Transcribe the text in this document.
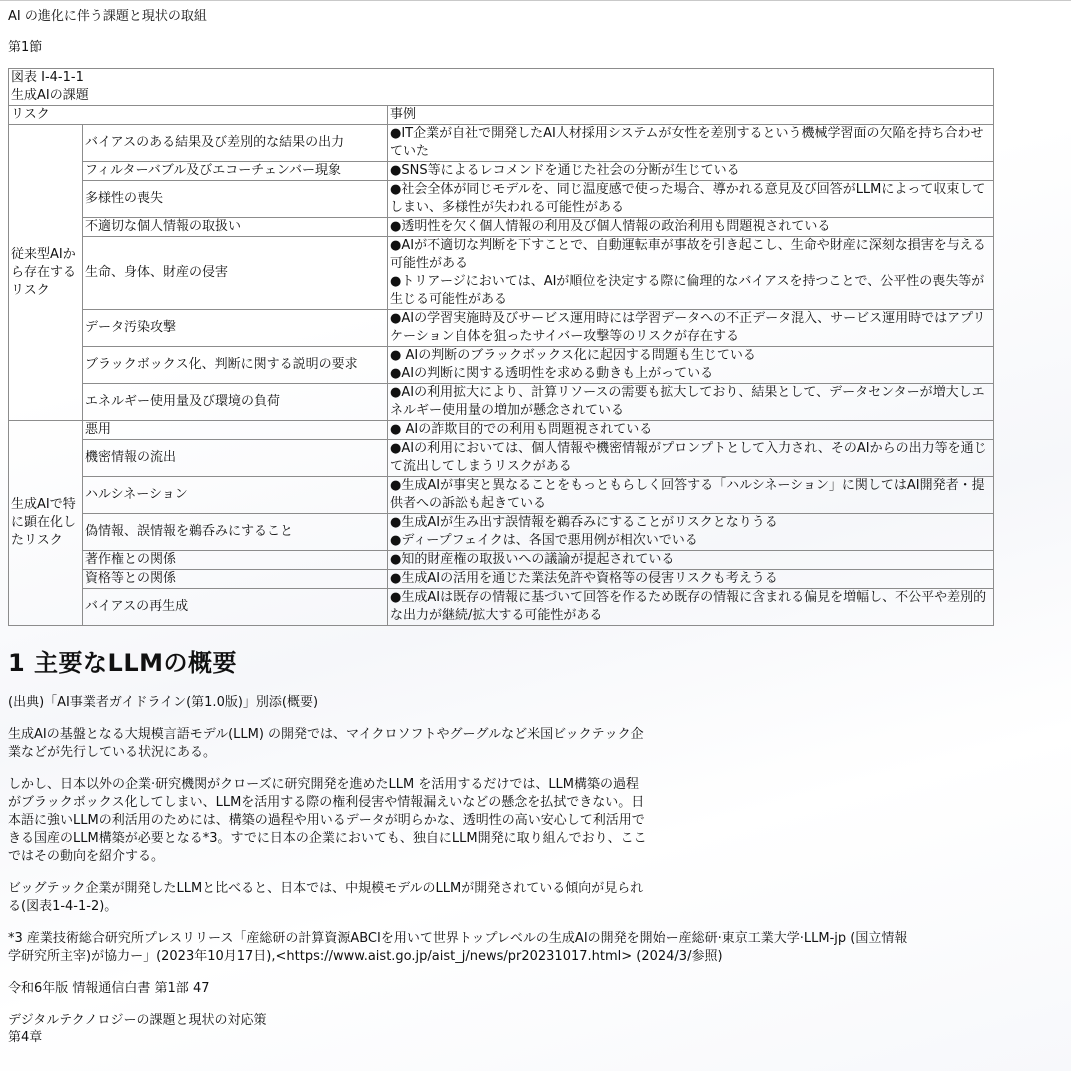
AI の進化に伴う課題と現状の取組

第1節

図表 I-4-1-1
生成AIの課題		

リスク		事例
従来型AIから存在するリスク	バイアスのある結果及び差別的な結果の出力	●IT企業が自社で開発したAI人材採用システムが女性を差別するという機械学習面の欠陥を持ち合わせていた

	フィルターバブル及びエコーチェンバー現象	●SNS等によるレコメンドを通じた社会の分断が生じている

	多様性の喪失	●社会全体が同じモデルを、同じ温度感で使った場合、導かれる意見及び回答がLLMによって収束してしまい、多様性が失われる可能性がある

	不適切な個人情報の取扱い	●透明性を欠く個人情報の利用及び個人情報の政治利用も問題視されている

	生命、身体、財産の侵害	●AIが不適切な判断を下すことで、自動運転車が事故を引き起こし、生命や財産に深刻な損害を与える可能性がある
●トリアージにおいては、AIが順位を決定する際に倫理的なバイアスを持つことで、公平性の喪失等が生じる可能性がある

	データ汚染攻撃	●AIの学習実施時及びサービス運用時には学習データへの不正データ混入、サービス運用時ではアプリケーション自体を狙ったサイバー攻撃等のリスクが存在する

	ブラックボックス化、判断に関する説明の要求	● AIの判断のブラックボックス化に起因する問題も生じている
●AIの判断に関する透明性を求める動きも上がっている

	エネルギー使用量及び環境の負荷	●AIの利用拡大により、計算リソースの需要も拡大しており、結果として、データセンターが増大しエネルギー使用量の増加が懸念されている

生成AIで特に顕在化したリスク	悪用	● AIの詐欺目的での利用も問題視されている

	機密情報の流出	●AIの利用においては、個人情報や機密情報がプロンプトとして入力され、そのAIからの出力等を通じて流出してしまうリスクがある

	ハルシネーション	●生成AIが事実と異なることをもっともらしく回答する「ハルシネーション」に関してはAI開発者・提供者への訴訟も起きている

	偽情報、誤情報を鵜呑みにすること	●生成AIが生み出す誤情報を鵜呑みにすることがリスクとなりうる
●ディープフェイクは、各国で悪用例が相次いでいる

	著作権との関係	●知的財産権の取扱いへの議論が提起されている

	資格等との関係	●生成AIの活用を通じた業法免許や資格等の侵害リスクも考えうる

	バイアスの再生成	●生成AIは既存の情報に基づいて回答を作るため既存の情報に含まれる偏見を増幅し、不公平や差別的な出力が継続/拡大する可能性がある
1 主要なLLMの概要

(出典)「AI事業者ガイドライン(第1.0版)」別添(概要)

生成AIの基盤となる大規模言語モデル(LLM) の開発では、マイクロソフトやグーグルなど米国ビックテック企業などが先行している状況にある。

しかし、日本以外の企業·研究機関がクローズに研究開発を進めたLLM を活用するだけでは、LLM構築の過程がブラックボックス化してしまい、LLMを活用する際の権利侵害や情報漏えいなどの懸念を払拭できない。日本語に強いLLMの利活用のためには、構築の過程や用いるデータが明らかな、透明性の高い安心して利活用できる国産のLLM構築が必要となる*3。すでに日本の企業においても、独自にLLM開発に取り組んでおり、ここではその動向を紹介する。

ビッグテック企業が開発したLLMと比べると、日本では、中規模モデルのLLMが開発されている傾向が見られる(図表1-4-1-2)。

*3 産業技術総合研究所プレスリリース「産総研の計算資源ABCIを用いて世界トップレベルの生成AIの開発を開始ー産総研·東京工業大学·LLM-jp (国立情報学研究所主宰)が協力ー」(2023年10月17日),<https://www.aist.go.jp/aist_j/news/pr20231017.html> (2024/3/参照)

令和6年版 情報通信白書 第1部 47

デジタルテクノロジーの課題と現状の対応策

第4章
